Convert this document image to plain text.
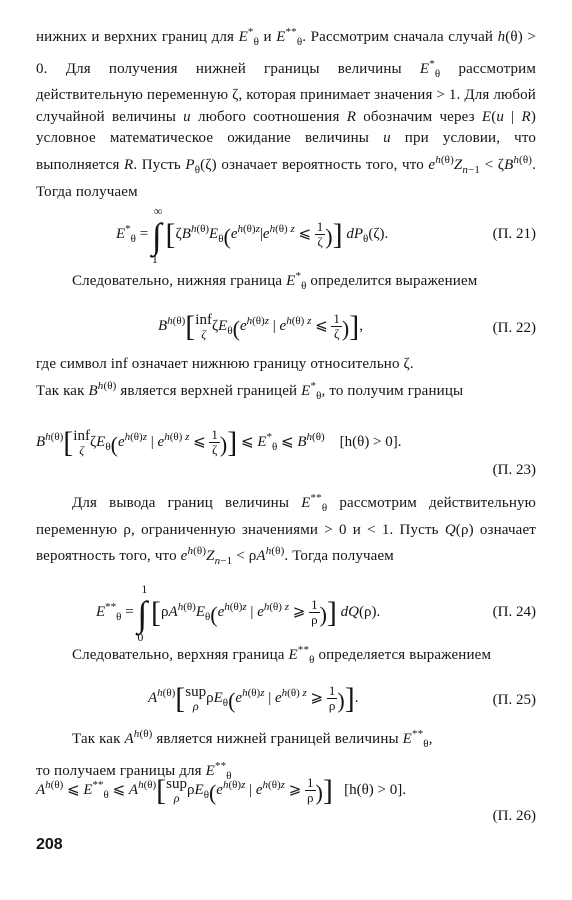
нижних и верхних границ для $E^*_\theta$ и $E^{**}_\theta$. Рассмотрим сначала случай h(θ) > 0. Для получения нижней границы величины $E^*_\theta$ рассмотрим действительную переменную ζ, которая принимает значения > 1. Для любой случайной величины u любого соотношения R обозначим через E(u | R) условное математическое ожидание величины u при условии, что выполняется R. Пусть $P_\theta(\zeta)$ означает вероятность того, что $e^{h(\theta)}Z_{n-1} < \zeta B^{h(\theta)}$. Тогда получаем
$E^*_\theta$ = ∫
∞
1
[$\zeta B^{h(\theta)}E_\theta(e^{h(\theta)z}|e^{h(\theta) z}$ ⩽ $\frac{1}{\zeta}$ )] $dP_\theta(\zeta)$.	(П. 21)
Следовательно, нижняя граница $E^*_\theta$ определится выражением
$B^{h(\theta)}[inf$
ζ $\zeta E_\theta(e^{h(\theta)z}$ | $e^{h(\theta) z}$ ⩽ $\frac{1}{\zeta}$ )],	(П. 22)
где символ inf означает нижнюю границу относительно ζ.
Так как $B^{h(\theta)}$ является верхней границей $E^*_\theta$, то получим границы
$B^{h(\theta)}[inf$
ζ $\zeta E_\theta(e^{h(\theta)z}$ | $e^{h(\theta) z}$ ⩽ $\frac{1}{\zeta}$ )] ⩽ $E^*_\theta$ ⩽ $B^{h(\theta)}$ [h(θ) > 0].
(П. 23)
Для вывода границ величины $E^{**}_\theta$ рассмотрим действительную переменную ρ, ограниченную значениями > 0 и < 1. Пусть Q(ρ) означает вероятность того, что $e^{h(\theta)}Z_{n-1} < \rho A^{h(\theta)}$. Тогда получаем
$E^{**}_\theta$ = ∫
1
0
[$\rho A^{h(\theta)}E_\theta(e^{h(\theta)z}$ | $e^{h(\theta) z}$ ⩾ $\frac{1}{\rho}$ )] dQ(ρ).	(П. 24)
Следовательно, верхняя граница $E^{**}_\theta$ определяется выражением
$A^{h(\theta)}[sup$
ρ $\rho E_\theta(e^{h(\theta)z}$ | $e^{h(\theta) z}$ ⩾ $\frac{1}{\rho}$ )].	(П. 25)
Так как $A^{h(\theta)}$ является нижней границей величины $E^{**}_\theta$,
то получаем границы для $E^{**}_\theta$
$A^{h(\theta)}$ ⩽ $E^{**}_\theta$ ⩽ $A^{h(\theta)}[sup$
ρ $\rho E_\theta(e^{h(\theta)z}$ | $e^{h(\theta)z}$ ⩾ $\frac{1}{\rho}$ )] [h(θ) > 0].
(П. 26)
208
